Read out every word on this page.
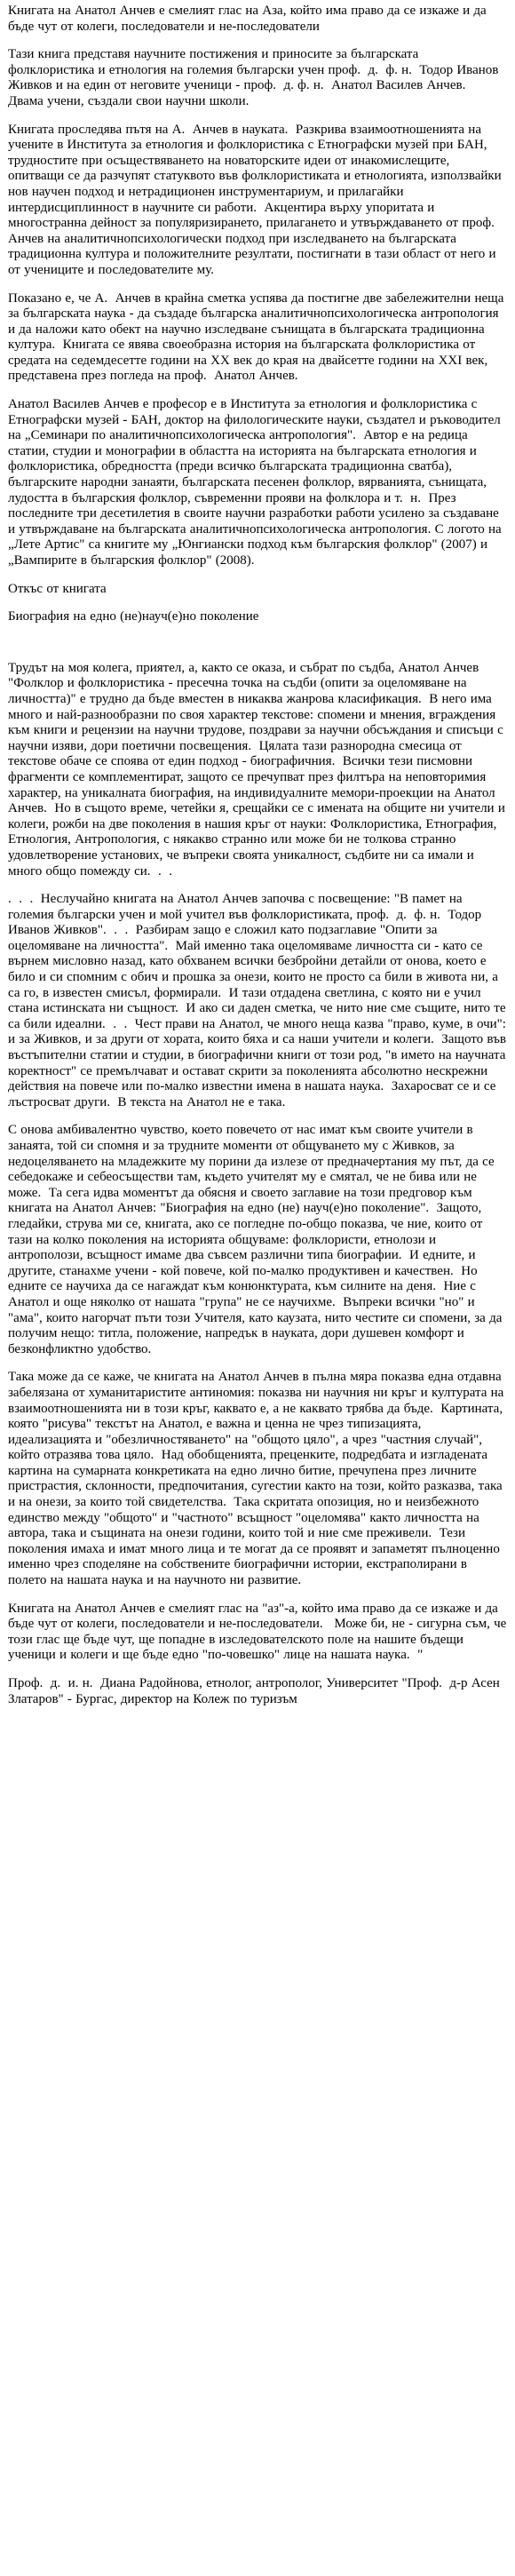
Книгата на Анатол Анчев е смелият глас на Аза, който има право да се изкаже и да бъде чут от колеги, последователи и не-последователи

Тази книга представя научните постижения и приносите за българската фолклористика и етнология на големия български учен проф.  д.  ф. н.  Тодор Иванов Живков и на един от неговите ученици - проф.  д. ф. н.  Анатол Василев Анчев.  Двама учени, създали свои научни школи.

Книгата проследява пътя на А.  Анчев в науката.  Разкрива взаимоотношенията на учените в Института за етнология и фолклористика с Етнографски музей при БАН, трудностите при осъществяването на новаторските идеи от инакомислещите, опитващи се да разчупят статуквото във фолклористиката и етнологията, използвайки нов научен подход и нетрадиционен инструментариум, и прилагайки интердисциплинност в научните си работи.  Акцентира върху упоритата и многостранна дейност за популяризирането, прилагането и утвърждаването от проф.  Анчев на аналитичнопсихологически подход при изследването на българската традиционна култура и положителните резултати, постигнати в тази област от него и от учениците и последователите му.

Показано е, че А.  Анчев в крайна сметка успява да постигне две забележителни неща за българската наука - да създаде българска аналитичнопсихологическа антропология и да наложи като обект на научно изследване сънищата в българската традиционна култура.  Книгата се явява своеобразна история на българската фолклористика от средата на седемдесетте години на ХХ век до края на двайсетте години на ХХІ век, представена през погледа на проф.  Анатол Анчев.

Анатол Василев Анчев е професор е в Института за етнология и фолклористика с Етнографски музей - БАН, доктор на филологическите науки, създател и ръководител на „Семинари по аналитичнопсихологическа антропология".  Автор е на редица статии, студии и монографии в областта на историята на българската етнология и фолклористика, обредността (преди всичко българската традиционна сватба), българските народни занаяти, българската песенен фолклор, вярванията, сънищата, лудостта в българския фолклор, съвременни прояви на фолклора и т.  н.  През последните три десетилетия в своите научни разработки работи усилено за създаване и утвърждаване на българската аналитичнопсихологическа антропология. С логото на „Лете Артис" са книгите му „Юнгиански подход към българския фолклор" (2007) и „Вампирите в българския фолклор" (2008).

Откъс от книгата

Биография на едно (не)науч(е)но поколение

Трудът на моя колега, приятел, а, както се оказа, и събрат по съдба, Анатол Анчев "Фолклор и фолклористика - пресечна точка на съдби (опити за оцеломяване на личността)" е трудно да бъде вместен в никаква жанрова класификация.  В него има много и най-разнообразни по своя характер текстове: спомени и мнения, вграждения към книги и рецензии на научни трудове, поздрави за научни обсъждания и списъци с научни изяви, дори поетични посвещения.  Цялата тази разнородна смесица от текстове обаче се споява от един подход - биографичния.  Всички тези писмовни фрагменти се комплементират, защото се пречупват през филтъра на неповторимия характер, на уникалната биография, на индивидуалните мемори-проекции на Анатол Анчев.  Но в същото време, четейки я, срещайки се с имената на общите ни учители и колеги, рожби на две поколения в нашия кръг от науки: Фолклористика, Етнография, Етнология, Антропология, с някакво странно или може би не толкова странно удовлетворение установих, че въпреки своята уникалност, съдбите ни са имали и много общо помежду си.  .  .

.  .  .  Неслучайно книгата на Анатол Анчев започва с посвещение: "В памет на големия български учен и мой учител във фолклористиката, проф.  д.  ф. н.  Тодор Иванов Живков".  .  .  Разбирам защо е сложил като подзаглавие "Опити за оцеломяване на личността".  Май именно така оцеломяваме личността си - като се върнем мисловно назад, като обхванем всички безбройни детайли от онова, което е било и си спомним с обич и прошка за онези, които не просто са били в живота ни, а са го, в известен смисъл, формирали.  И тази отдадена светлина, с която ни е учил стана истинската ни същност.  И ако си даден сметка, че нито ние сме същите, нито те са били идеални.  .  .  Чест прави на Анатол, че много неща казва "право, куме, в очи": и за Живков, и за други от хората, които бяха и са наши учители и колеги.  Защото във въстъпителни статии и студии, в биографични книги от този род, "в името на научната коректност" се премълчават и остават скрити за поколенията абсолютно нескрежни действия на повече или по-малко известни имена в нашата наука.  Захаросват се и се лъстросват други.  В текста на Анатол не е така.

С онова амбивалентно чувство, което повечето от нас имат към своите учители в занаята, той си спомня и за трудните моменти от общуването му с Живков, за недоцеляването на младежките му порини да излезе от предначертания му път, да се себедокаже и себеосъществи там, където учителят му е смятал, че не бива или не може.  Та сега идва моментът да обясня и своето заглавие на този предговор към книгата на Анатол Анчев: "Биография на едно (не) науч(е)но поколение".  Защото, гледайки, струва ми се, книгата, ако се погледне по-общо показва, че ние, които от тази на колко поколения на историята общуваме: фолклористи, етнолози и антрополози, всъщност имаме два съвсем различни типа биографии.  И едните, и другите, станахме учени - кой повече, кой по-малко продуктивен и качествен.  Но едните се научиха да се нагаждат към конюнктурата, към силните на деня.  Ние с Анатол и още няколко от нашата "група" не се научихме.  Въпреки всички "но" и "ама", които нагорчат пъти този Учителя, като каузата, нито честите си спомени, за да получим нещо: титла, положение, напредък в науката, дори душевен комфорт и безконфликтно удобство.

Така може да се каже, че книгата на Анатол Анчев в пълна мяра показва една отдавна забелязана от хуманитаристите антиномия: показва ни научния ни кръг и културата на взаимоотношенията ни в този кръг, каквато е, а не каквато трябва да бъде.  Картината, която "рисува" текстът на Анатол, е важна и ценна не чрез типизацията, идеализацията и "обезличностяването" на "общото цяло", а чрез "частния случай", който отразява това цяло.  Над обобщенията, преценките, подредбата и изгладената картина на сумарната конкретиката на едно лично битие, пречупена през личните пристрастия, склонности, предпочитания, сугестии както на този, който разказва, така и на онези, за които той свидетелства.  Така скритата опозиция, но и неизбежното единство между "общото" и "частното" всъщност "оцеломява" както личността на автора, така и същината на онези години, които той и ние сме преживели.  Тези поколения имаха и имат много лица и те могат да се проявят и запаметят пълноценно именно чрез споделяне на собствените биографични истории, екстраполирани в полето на нашата наука и на научното ни развитие.

Книгата на Анатол Анчев е смелият глас на "аз"-а, който има право да се изкаже и да бъде чут от колеги, последователи и не-последователи.   Може би, не - сигурна съм, че този глас ще бъде чут, ще попадне в изследователското поле на нашите бъдещи ученици и колеги и ще бъде едно "по-човешко" лице на нашата наука.  "

Проф.  д.  и. н.  Диана Радойнова, етнолог, антрополог, Университет "Проф.  д-р Асен Златаров" - Бургас, директор на Колеж по туризъм
